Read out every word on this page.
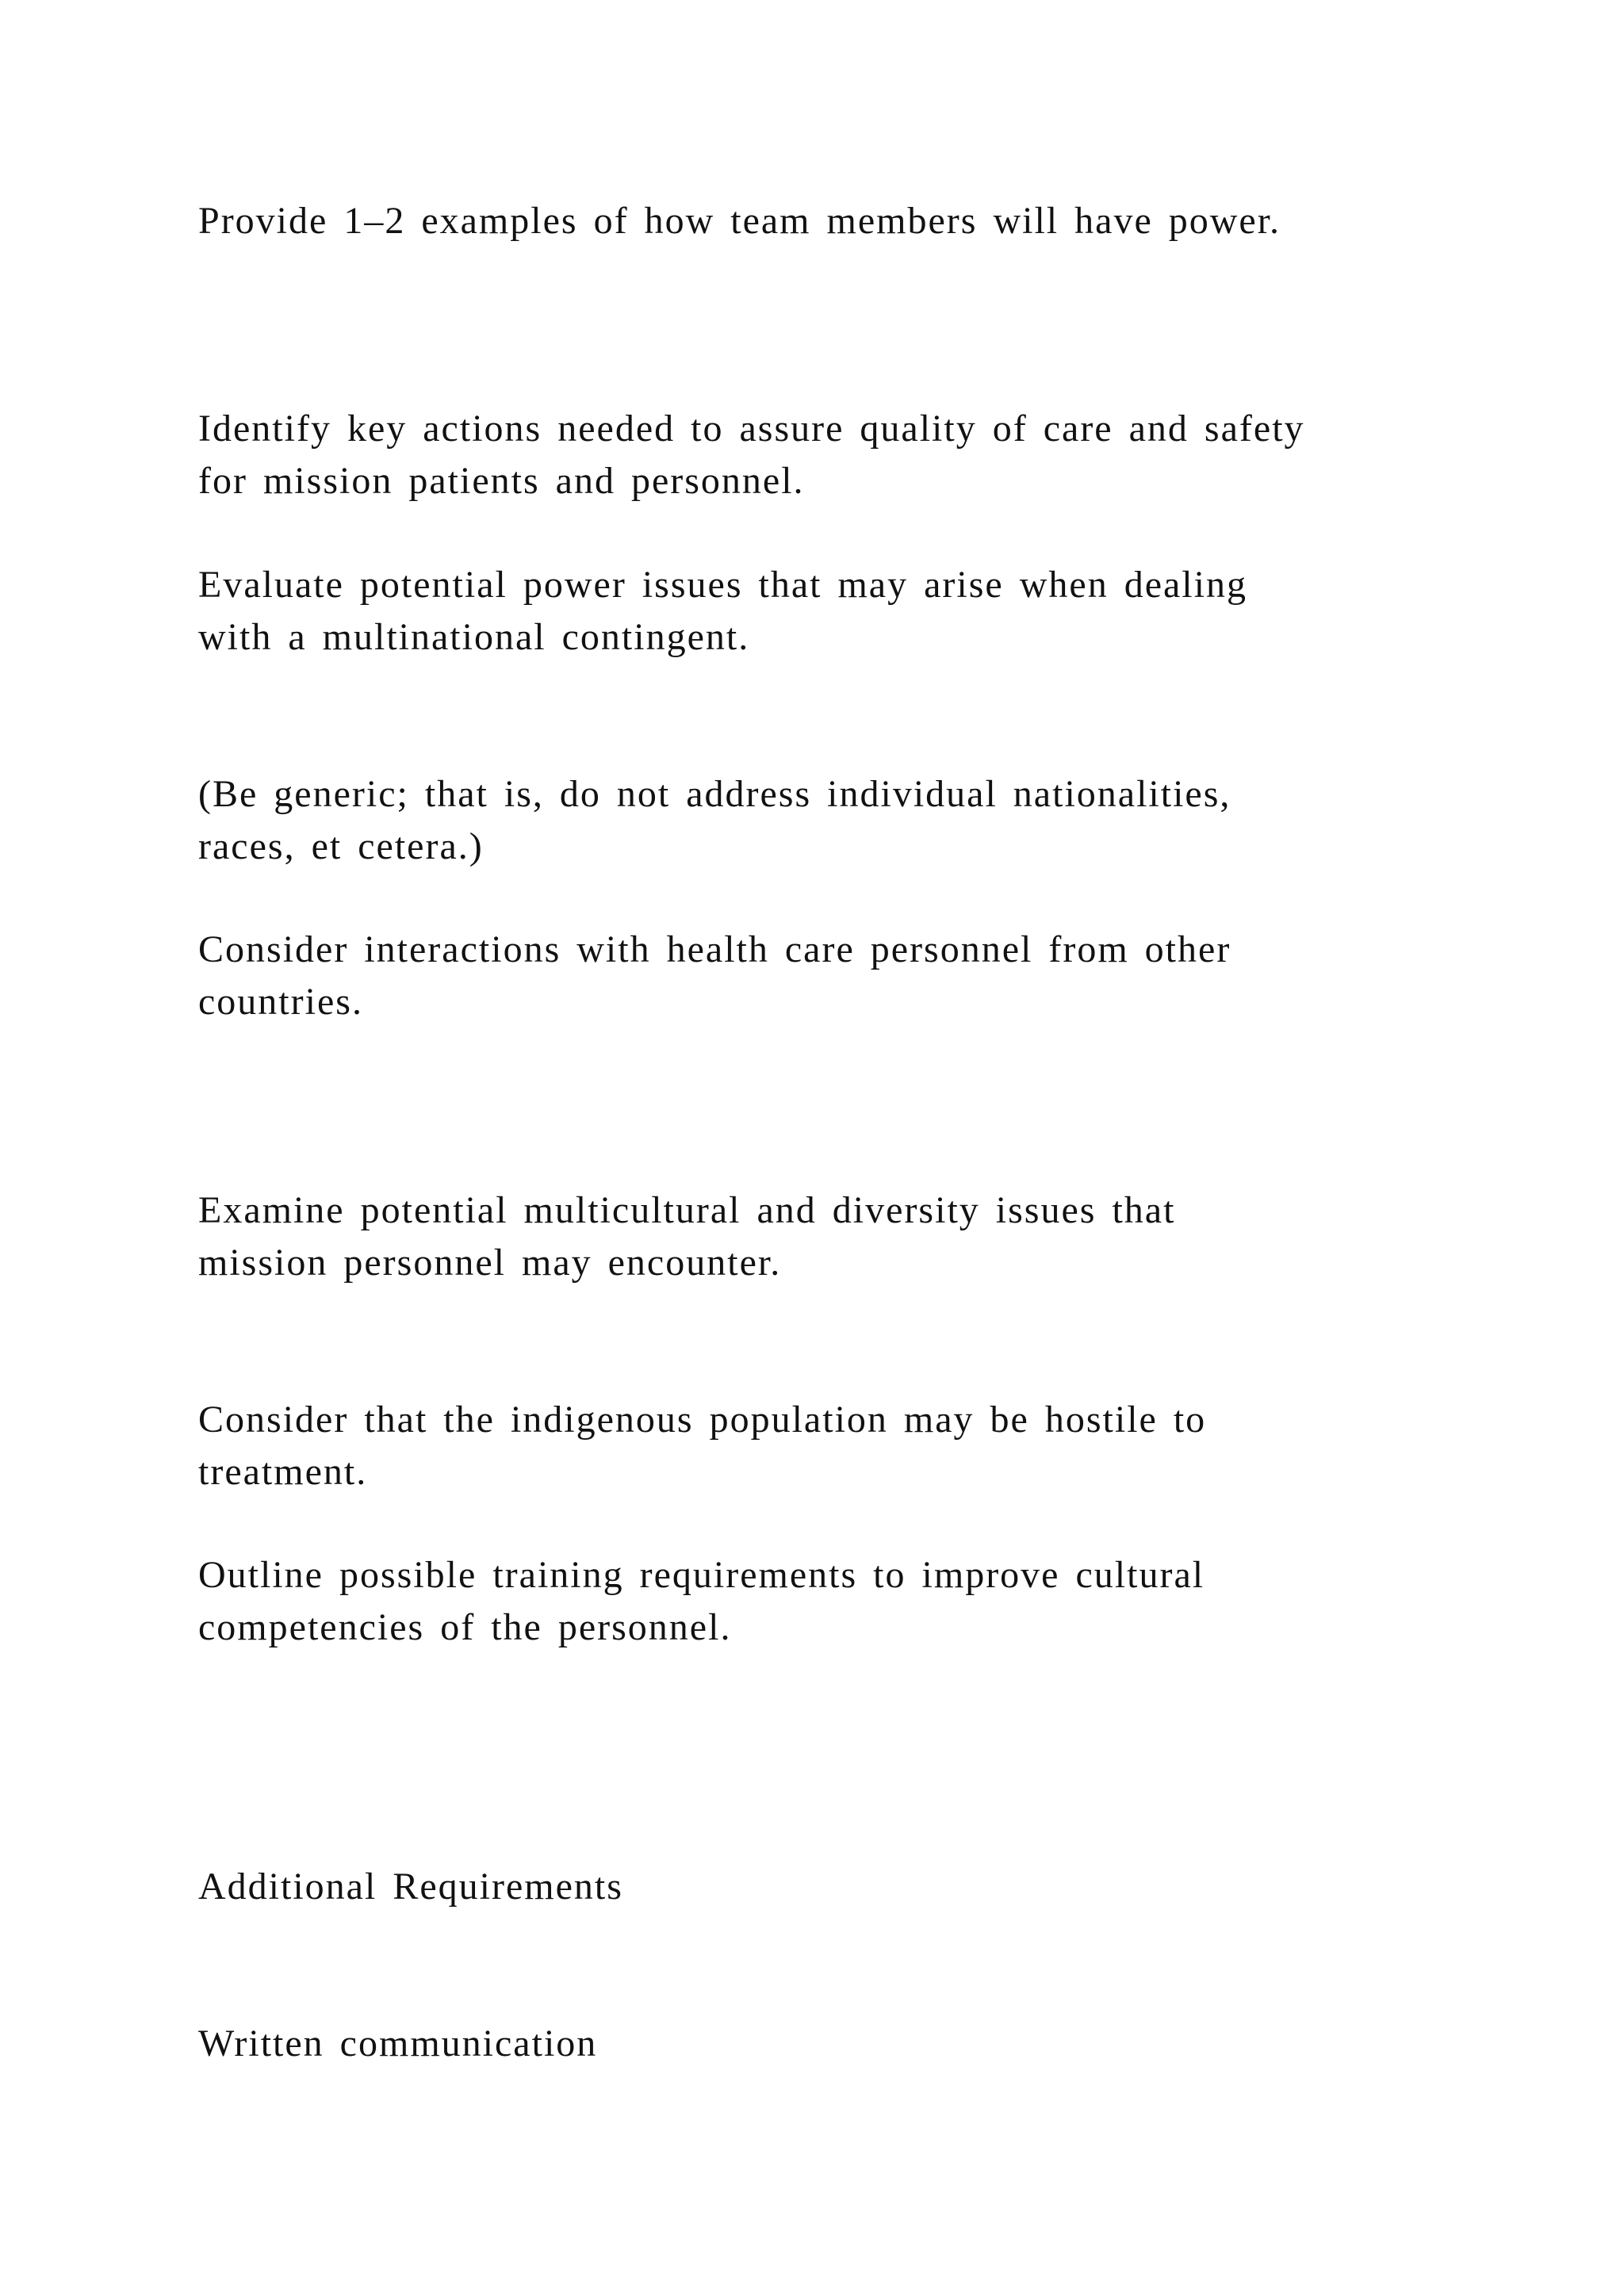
Provide 1–2 examples of how team members will have power.

Identify key actions needed to assure quality of care and safety
for mission patients and personnel.

Evaluate potential power issues that may arise when dealing
with a multinational contingent.

(Be generic; that is, do not address individual nationalities,
races, et cetera.)

Consider interactions with health care personnel from other
countries.

Examine potential multicultural and diversity issues that
mission personnel may encounter.

Consider that the indigenous population may be hostile to
treatment.

Outline possible training requirements to improve cultural
competencies of the personnel.

Additional Requirements

Written communication
